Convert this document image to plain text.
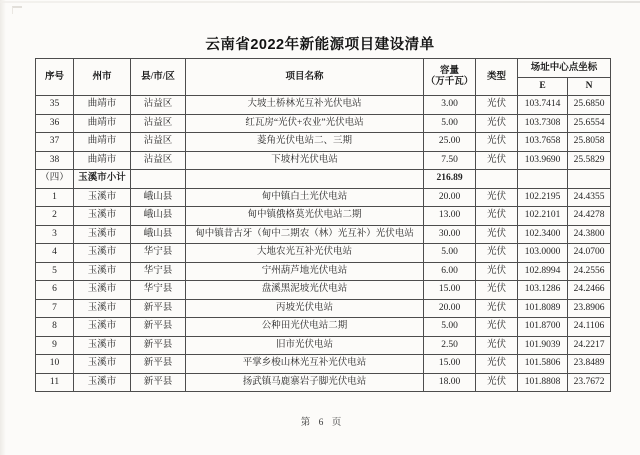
云南省2022年新能源项目建设清单
序号	州市	县/市/区	项目名称	容量
（万千瓦）	类型	场址中心点坐标	
						E	N
35	曲靖市	沾益区	大坡土桥林光互补光伏电站	3.00	光伏	103.7414	25.6850
36	曲靖市	沾益区	红瓦房“光伏+农业”光伏电站	5.00	光伏	103.7308	25.6554
37	曲靖市	沾益区	菱角光伏电站二、三期	25.00	光伏	103.7658	25.8058
38	曲靖市	沾益区	下坡村光伏电站	7.50	光伏	103.9690	25.5829
（四）	玉溪市小计			216.89			
1	玉溪市	峨山县	甸中镇白土光伏电站	20.00	光伏	102.2195	24.4355
2	玉溪市	峨山县	甸中镇俄格莫光伏电站二期	13.00	光伏	102.2101	24.4278
3	玉溪市	峨山县	甸中镇昔古牙（甸中二期农（林）光互补）光伏电站	30.00	光伏	102.3400	24.3800
4	玉溪市	华宁县	大地农光互补光伏电站	5.00	光伏	103.0000	24.0700
5	玉溪市	华宁县	宁州葫芦地光伏电站	6.00	光伏	102.8994	24.2556
6	玉溪市	华宁县	盘溪黑泥坡光伏电站	15.00	光伏	103.1286	24.2466
7	玉溪市	新平县	丙坡光伏电站	20.00	光伏	101.8089	23.8906
8	玉溪市	新平县	公种田光伏电站二期	5.00	光伏	101.8700	24.1106
9	玉溪市	新平县	旧市光伏电站	2.50	光伏	101.9039	24.2217
10	玉溪市	新平县	平掌乡梭山林光互补光伏电站	15.00	光伏	101.5806	23.8489
11	玉溪市	新平县	扬武镇马鹿寨岩子脚光伏电站	18.00	光伏	101.8808	23.7672
第 6 页
